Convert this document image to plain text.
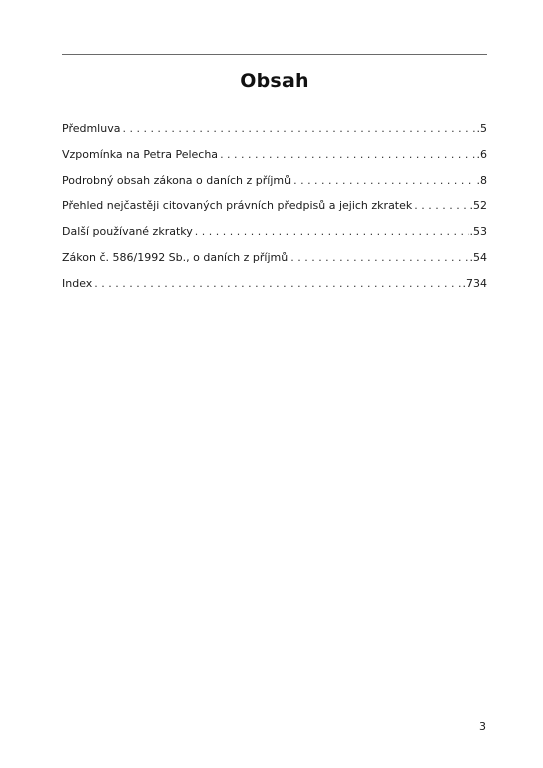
Obsah
Předmluva . . .	.5
Vzpomínka na Petra Pelecha . . .	.6
Podrobný obsah zákona o daních z příjmů . . .	.8
Přehled nejčastěji citovaných právních předpisů a jejich zkratek . . .	.52
Další používané zkratky . . .	.53
Zákon č. 586/1992 Sb., o daních z příjmů . . .	.54
Index . . .	.734
3
